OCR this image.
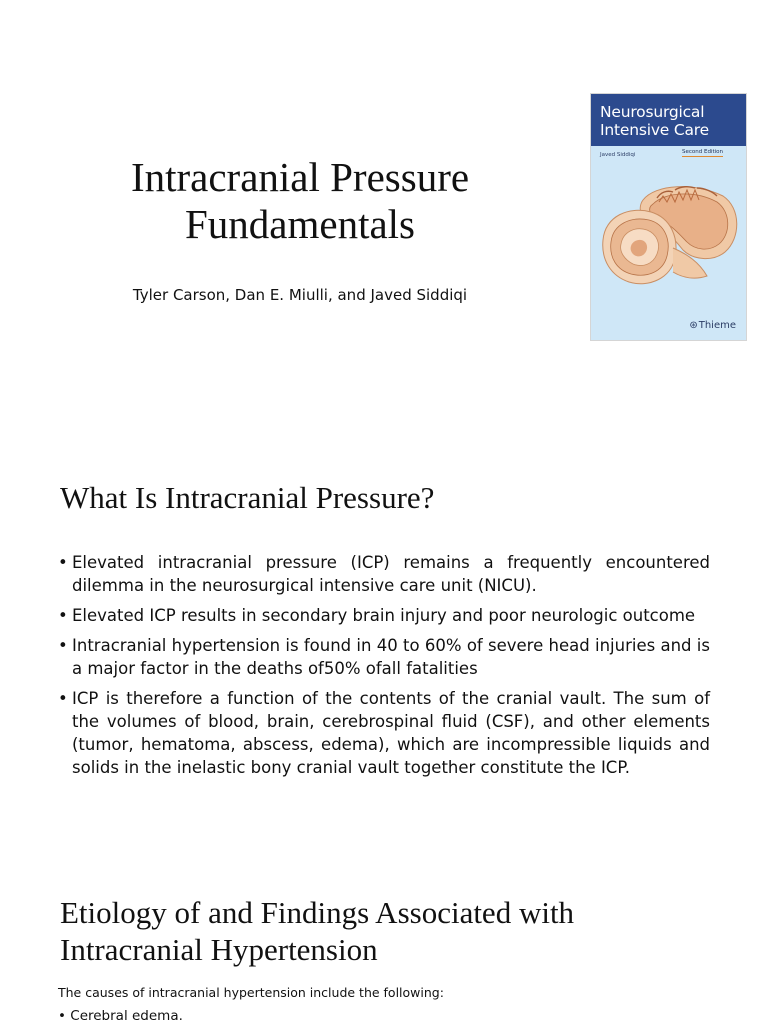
Intracranial Pressure
Fundamentals
Tyler Carson, Dan E. Miulli, and Javed Siddiqi
Neurosurgical
Intensive Care
Javed Siddiqi	Second Edition
⊛Thieme
What Is Intracranial Pressure?
• Elevated intracranial pressure (ICP) remains a frequently encountered dilemma in the neurosurgical intensive care unit (NICU).
• Elevated ICP results in secondary brain injury and poor neurologic outcome
• Intracranial hypertension is found in 40 to 60% of severe head injuries and is a major factor in the deaths of50% ofall fatalities
• ICP is therefore a function of the contents of the cranial vault. The sum of the volumes of blood, brain, cerebrospinal fluid (CSF), and other elements (tumor, hematoma, abscess, edema), which are incompressible liquids and solids in the inelastic bony cranial vault together constitute the ICP.
Etiology of and Findings Associated with
Intracranial Hypertension
The causes of intracranial hypertension include the following:
• Cerebral edema.
